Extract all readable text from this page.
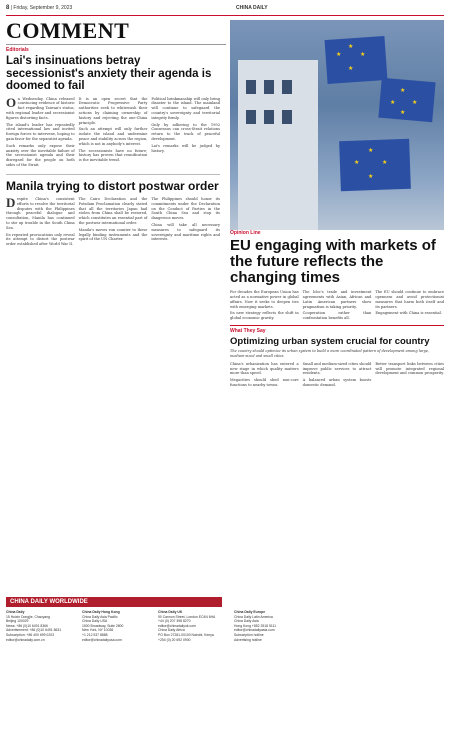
8 | Friday, September 9, 2023	CHINA DAILY
COMMENT
Editorials
Lai's insinuations betray secessionist's anxiety their agenda is doomed to fail
O n Wednesday, China released convincing evidence of historic fact regarding Taiwan's status, with regional leader and secessionist figures distorting facts.

The island's leader has repeatedly cited international law and invited foreign forces to intervene, hoping to gain favor for the separatist agenda.

Such remarks only expose their anxiety over the inevitable failure of the secessionist agenda and their disregard for the people on both sides of the Strait.

It is an open secret that the Democratic Progressive Party authorities seek to whitewash their actions by claiming ownership of history and rejecting the one-China principle.

Such an attempt will only further isolate the island and undermine peace and stability across the region, which is not in anybody's interest.

The secessionists have no future; history has proven that reunification is the inevitable trend.

Political brinkmanship will only bring disaster to the island. The mainland will continue to safeguard the country's sovereignty and territorial integrity firmly.

Only by adhering to the 1992 Consensus can cross-Strait relations return to the track of peaceful development.

Lai's remarks will be judged by history.

Manila trying to distort postwar order
D espite China's consistent efforts to resolve the territorial disputes with the Philippines through peaceful dialogue and consultation, Manila has continued to stir up trouble in the South China Sea.

Its repeated provocations only reveal its attempt to distort the postwar order established after World War II.

The Cairo Declaration and the Potsdam Proclamation clearly stated that all the territories Japan had stolen from China shall be restored, which constitutes an essential part of the postwar international order.

Manila's moves run counter to these legally binding instruments and the spirit of the UN Charter.

The Philippines should honor its commitments under the Declaration on the Conduct of Parties in the South China Sea and stop its dangerous moves.

China will take all necessary measures to safeguard its sovereignty and maritime rights and interests.

★
★
★
★
★
★	★
★
★
★	★
★
Opinion Line
EU engaging with markets of the future reflects the changing times

For decades the European Union has acted as a normative power in global affairs. Now it seeks to deepen ties with emerging markets.

Its new strategy reflects the shift in global economic gravity.

The bloc's trade and investment agreements with Asian, African and Latin American partners show pragmatism is taking priority.

Cooperation rather than confrontation benefits all.

The EU should continue to embrace openness and avoid protectionist measures that harm both itself and its partners.

Engagement with China is essential.

What They Say
Optimizing urban system crucial for country
The country should optimize its urban system to build a more coordinated pattern of development among large, medium-sized and small cities.

China's urbanization has entered a new stage in which quality matters more than speed.

Megacities should shed non-core functions to nearby towns.

Small and medium-sized cities should improve public services to attract residents.

A balanced urban system boosts domestic demand.

Better transport links between cities will promote integrated regional development and common prosperity.

CHINA DAILY WORLDWIDE
China Daily
15 Huixin Dongjie, Chaoyang
Beijing 100029
News: +86 (0)10 6491 8366
Advertisement: +86 (0)10 6491 8631
Subscription: +86 400 699 0203
editor@chinadaily.com.cn
China Daily Hong Kong
China Daily Asia Pacific
China Daily USA
1500 Broadway, Suite 2800
New York, NY 10036
+1 212 537 8888
editor@chinadailyusa.com
China Daily UK
90 Cannon Street, London EC4N 6HA
+44 (0) 207 398 8270
editor@chinadailyuk.com
China Daily Africa
PO Box 27281-00100 Nairobi, Kenya
+254 (0) 20 692 0900
China Daily Europe
China Daily Latin America
China Daily Asia
Hong Kong +852 2518 5111
editor@chinadailyasia.com
Subscription hotline
Advertising hotline
